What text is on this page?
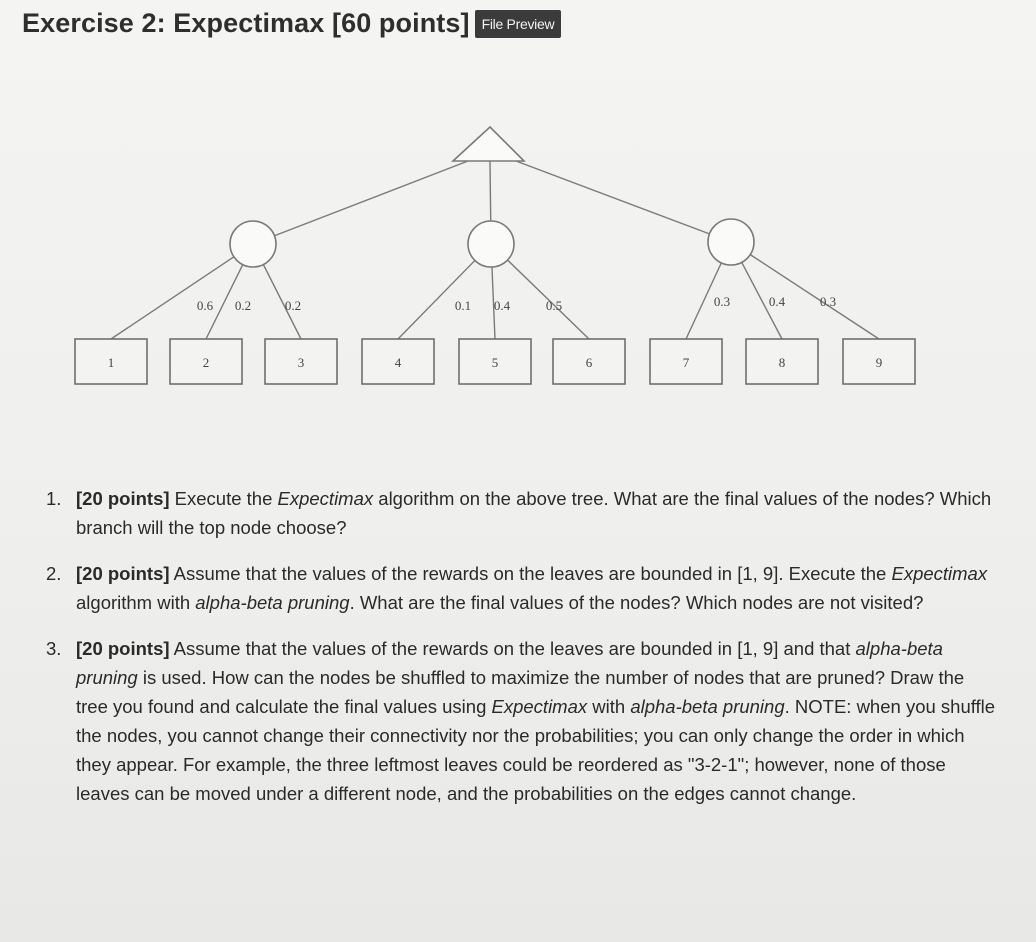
Exercise 2: Expectimax [60 points] File Preview
0.6 0.2	0.2	0.1 0.4	0.5	0.3	0.4	0.3
1	2	3	4	5	6	7	8	9
1. [20 points] Execute the Expectimax algorithm on the above tree. What are the final values of the nodes? Which branch will the top node choose?
2. [20 points] Assume that the values of the rewards on the leaves are bounded in [1, 9]. Execute the Expectimax algorithm with alpha-beta pruning. What are the final values of the nodes? Which nodes are not visited?
3. [20 points] Assume that the values of the rewards on the leaves are bounded in [1, 9] and that alpha-beta pruning is used. How can the nodes be shuffled to maximize the number of nodes that are pruned? Draw the tree you found and calculate the final values using Expectimax with alpha-beta pruning. NOTE: when you shuffle the nodes, you cannot change their connectivity nor the probabilities; you can only change the order in which they appear. For example, the three leftmost leaves could be reordered as "3-2-1"; however, none of those leaves can be moved under a different node, and the probabilities on the edges cannot change.
